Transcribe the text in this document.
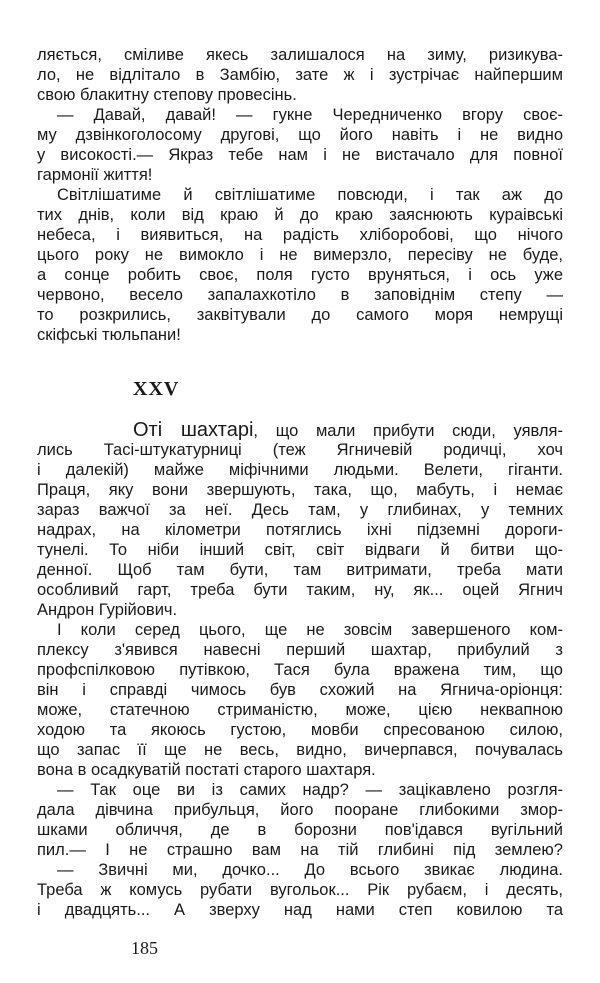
ляється, сміливе якесь залишалося на зиму, ризикува-
ло, не відлітало в Замбію, зате ж і зустрічає найпершим
свою блакитну степову провесінь.
— Давай, давай! — гукне Чередниченко вгору своє-
му дзвінкоголосому другові, що його навіть і не видно
у високості.— Якраз тебе нам і не вистачало для повної
гармонії життя!
Світлішатиме й світлішатиме повсюди, і так аж до
тих днів, коли від краю й до краю заяснюють кураівські
небеса, і виявиться, на радість хліборобові, що нічого
цього року не вимокло і не вимерзло, пересіву не буде,
а сонце робить своє, поля густо вруняться, і ось уже
червоно, весело запалахкотіло в заповіднім степу —
то розкрились, заквітували до самого моря немрущі
скіфські тюльпани!
XXV
Оті шахтарі, що мали прибути сюди, уявля-
лись Тасі-штукатурниці (теж Ягничевій родичці, хоч
і далекій) майже міфічними людьми. Велети, гіганти.
Праця, яку вони звершують, така, що, мабуть, і немає
зараз важчої за неї. Десь там, у глибинах, у темних
надрах, на кілометри потяглись іхні підземні дороги-
тунелі. То ніби інший світ, світ відваги й битви що-
денної. Щоб там бути, там витримати, треба мати
особливий гарт, треба бути таким, ну, як... оцей Ягнич
Андрон Гурійович.
І коли серед цього, ще не зовсім завершеного ком-
плексу з'явився навесні перший шахтар, прибулий з
профспілковою путівкою, Тася була вражена тим, що
він і справді чимось був схожий на Ягнича-оріонця:
може, статечною стриманістю, може, цією неквапною
ходою та якоюсь густою, мовби спресованою силою,
що запас її ще не весь, видно, вичерпався, почувалась
вона в осадкуватій постаті старого шахтаря.
— Так оце ви із самих надр? — зацікавлено розгля-
дала дівчина прибульця, його пооране глибокими змор-
шками обличчя, де в борозни пов'ідався вугільний
пил.— І не страшно вам на тій глибині під землею?
— Звичні ми, дочко... До всього звикає людина.
Треба ж комусь рубати вугольок... Рік рубаєм, і десять,
і двадцять... А зверху над нами степ ковилою та
185
